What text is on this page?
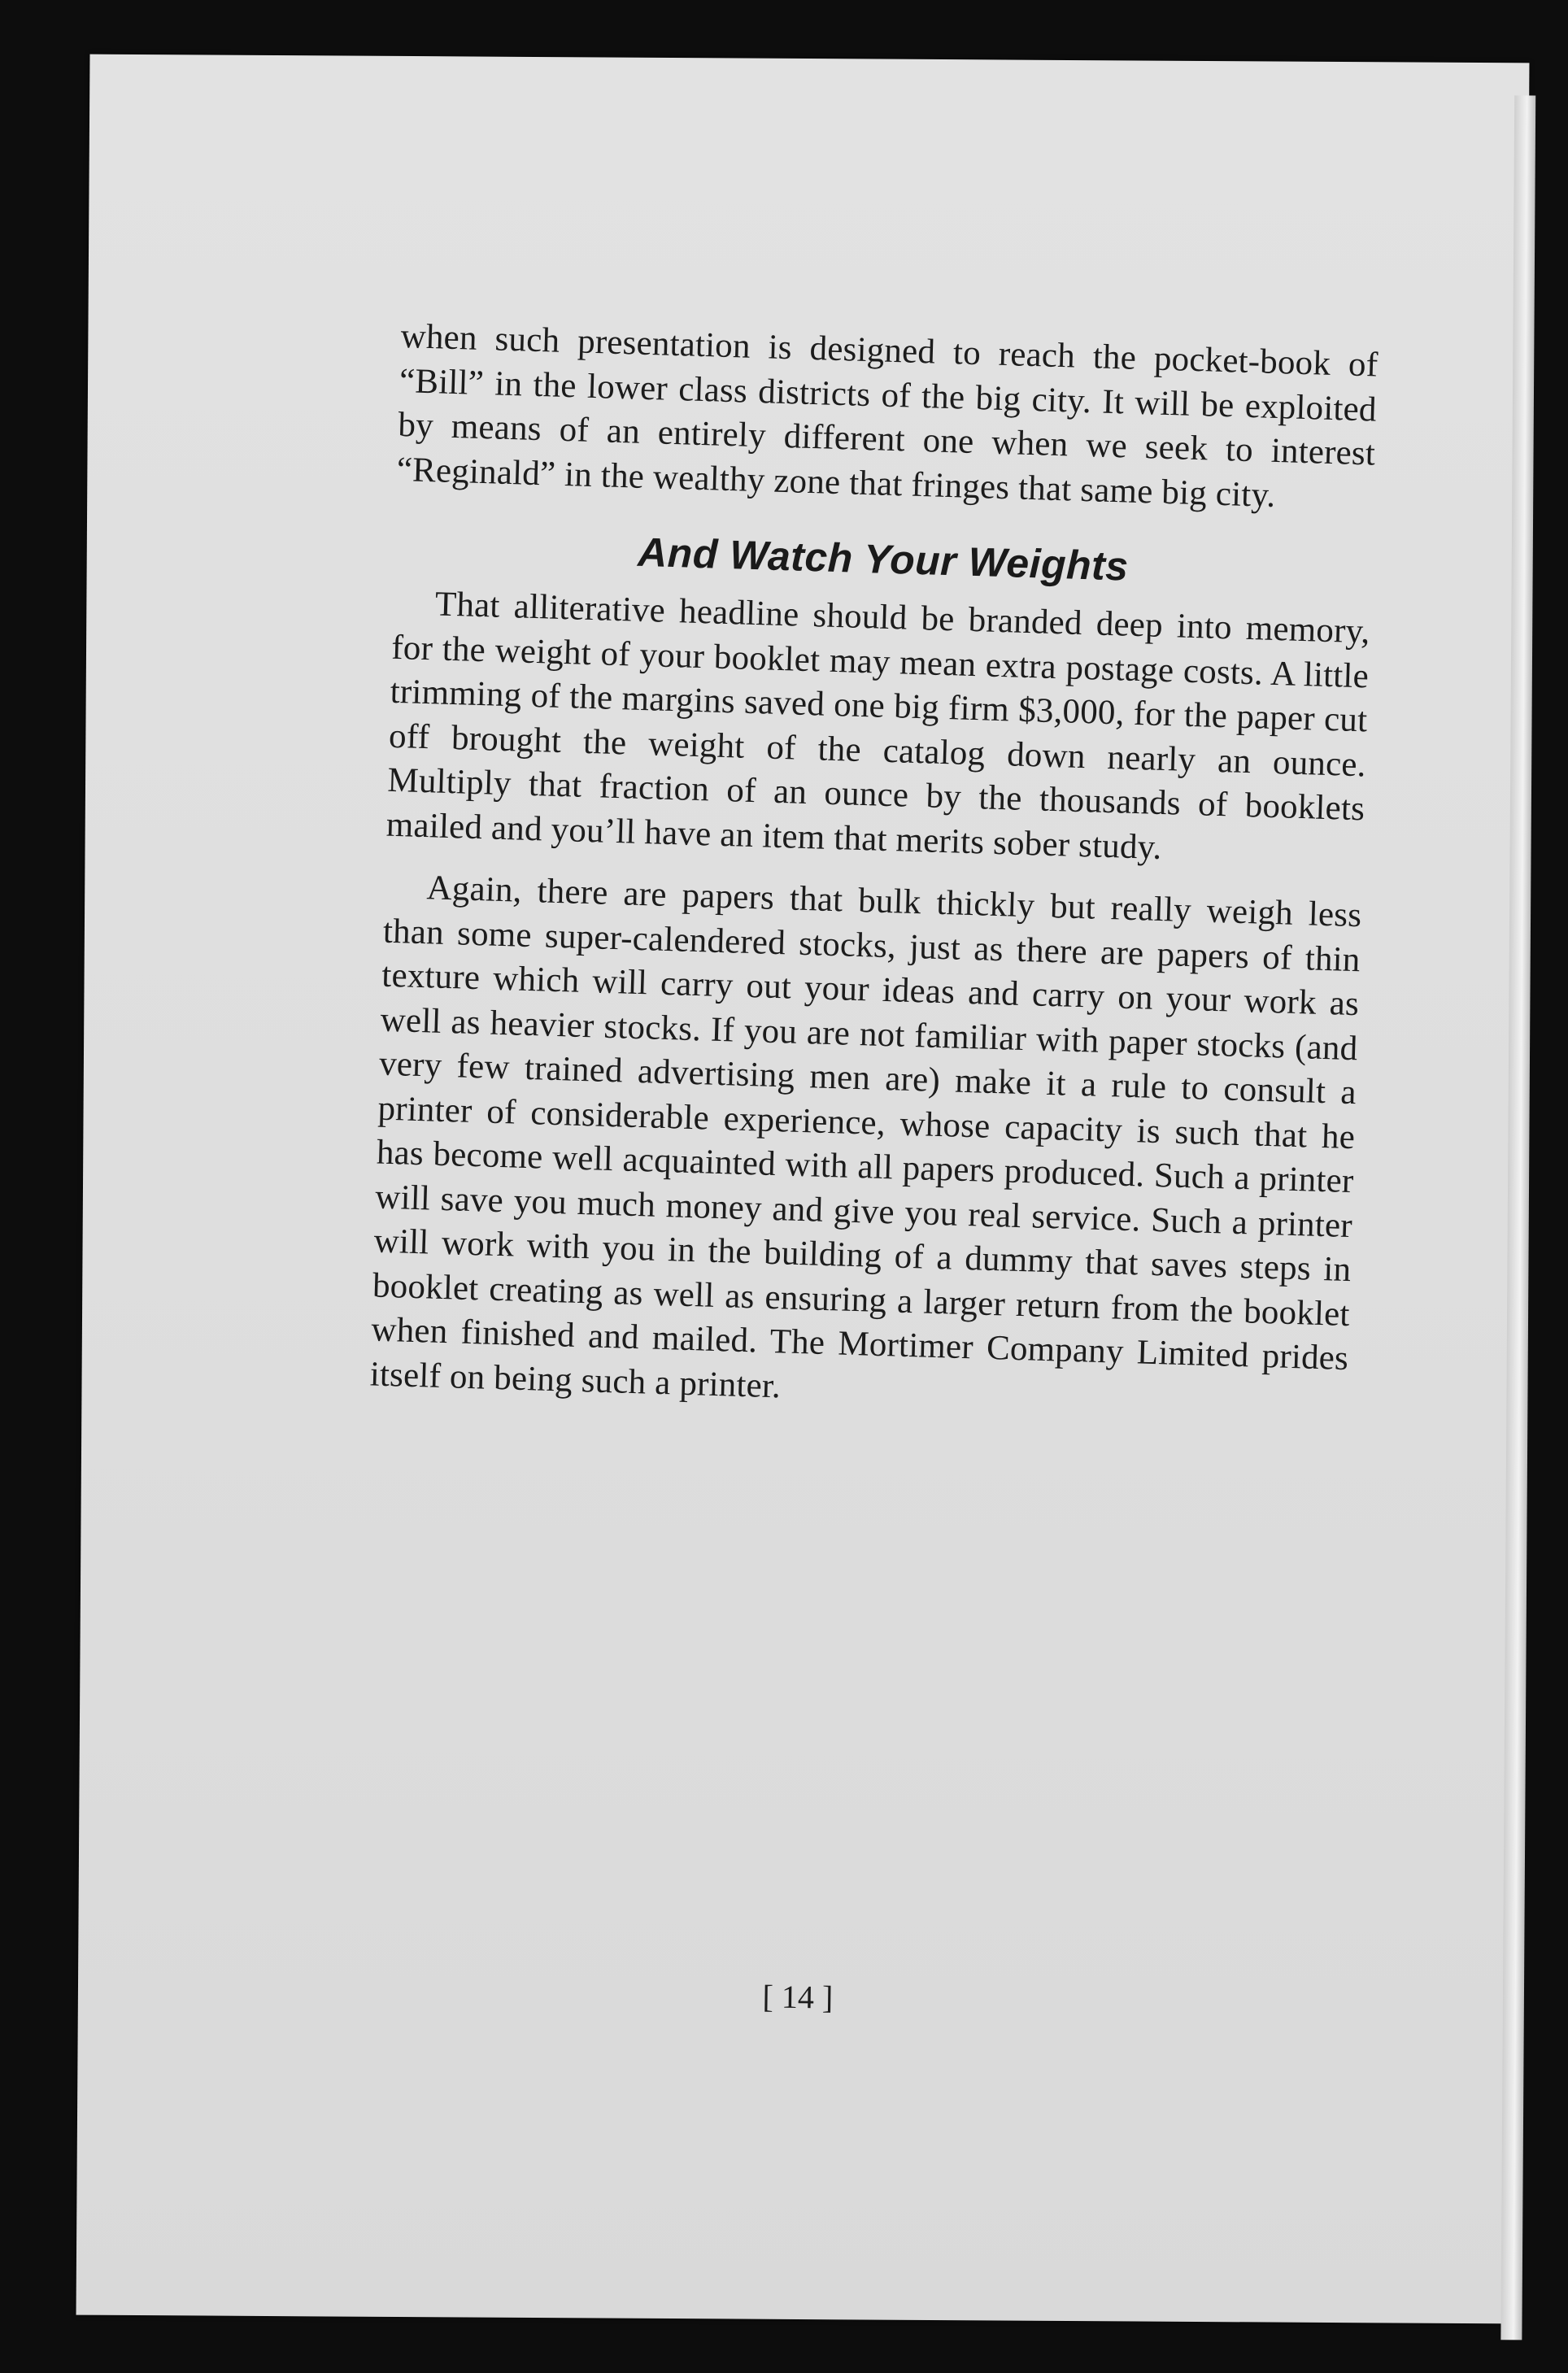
when such presentation is designed to reach the pocket-book of “Bill” in the lower class districts of the big city. It will be exploited by means of an entirely different one when we seek to interest “Reginald” in the wealthy zone that fringes that same big city.

And Watch Your Weights

That alliterative headline should be branded deep into memory, for the weight of your booklet may mean extra postage costs. A little trimming of the margins saved one big firm $3,000, for the paper cut off brought the weight of the catalog down nearly an ounce. Multiply that fraction of an ounce by the thousands of booklets mailed and you’ll have an item that merits sober study.

Again, there are papers that bulk thickly but really weigh less than some super-calendered stocks, just as there are papers of thin texture which will carry out your ideas and carry on your work as well as heavier stocks. If you are not familiar with paper stocks (and very few trained advertising men are) make it a rule to consult a printer of considerable experience, whose capacity is such that he has become well acquainted with all papers produced. Such a printer will save you much money and give you real service. Such a printer will work with you in the building of a dummy that saves steps in booklet creating as well as ensuring a larger return from the booklet when finished and mailed. The Mortimer Company Limited prides itself on being such a printer.

[ 14 ]
